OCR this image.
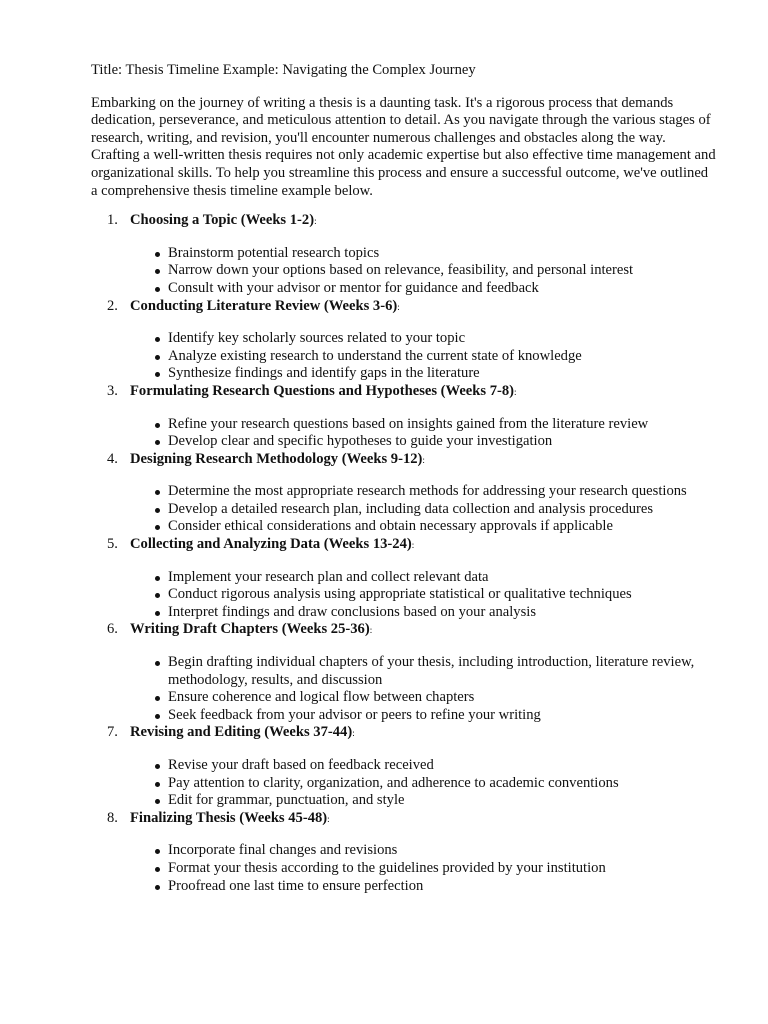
Title: Thesis Timeline Example: Navigating the Complex Journey

Embarking on the journey of writing a thesis is a daunting task. It's a rigorous process that demands dedication, perseverance, and meticulous attention to detail. As you navigate through the various stages of research, writing, and revision, you'll encounter numerous challenges and obstacles along the way. Crafting a well-written thesis requires not only academic expertise but also effective time management and organizational skills. To help you streamline this process and ensure a successful outcome, we've outlined a comprehensive thesis timeline example below.

1. Choosing a Topic (Weeks 1-2):
Brainstorm potential research topics
Narrow down your options based on relevance, feasibility, and personal interest
Consult with your advisor or mentor for guidance and feedback
2. Conducting Literature Review (Weeks 3-6):
Identify key scholarly sources related to your topic
Analyze existing research to understand the current state of knowledge
Synthesize findings and identify gaps in the literature
3. Formulating Research Questions and Hypotheses (Weeks 7-8):
Refine your research questions based on insights gained from the literature review
Develop clear and specific hypotheses to guide your investigation
4. Designing Research Methodology (Weeks 9-12):
Determine the most appropriate research methods for addressing your research questions
Develop a detailed research plan, including data collection and analysis procedures
Consider ethical considerations and obtain necessary approvals if applicable
5. Collecting and Analyzing Data (Weeks 13-24):
Implement your research plan and collect relevant data
Conduct rigorous analysis using appropriate statistical or qualitative techniques
Interpret findings and draw conclusions based on your analysis
6. Writing Draft Chapters (Weeks 25-36):
Begin drafting individual chapters of your thesis, including introduction, literature review, methodology, results, and discussion
Ensure coherence and logical flow between chapters
Seek feedback from your advisor or peers to refine your writing
7. Revising and Editing (Weeks 37-44):
Revise your draft based on feedback received
Pay attention to clarity, organization, and adherence to academic conventions
Edit for grammar, punctuation, and style
8. Finalizing Thesis (Weeks 45-48):
Incorporate final changes and revisions
Format your thesis according to the guidelines provided by your institution
Proofread one last time to ensure perfection
